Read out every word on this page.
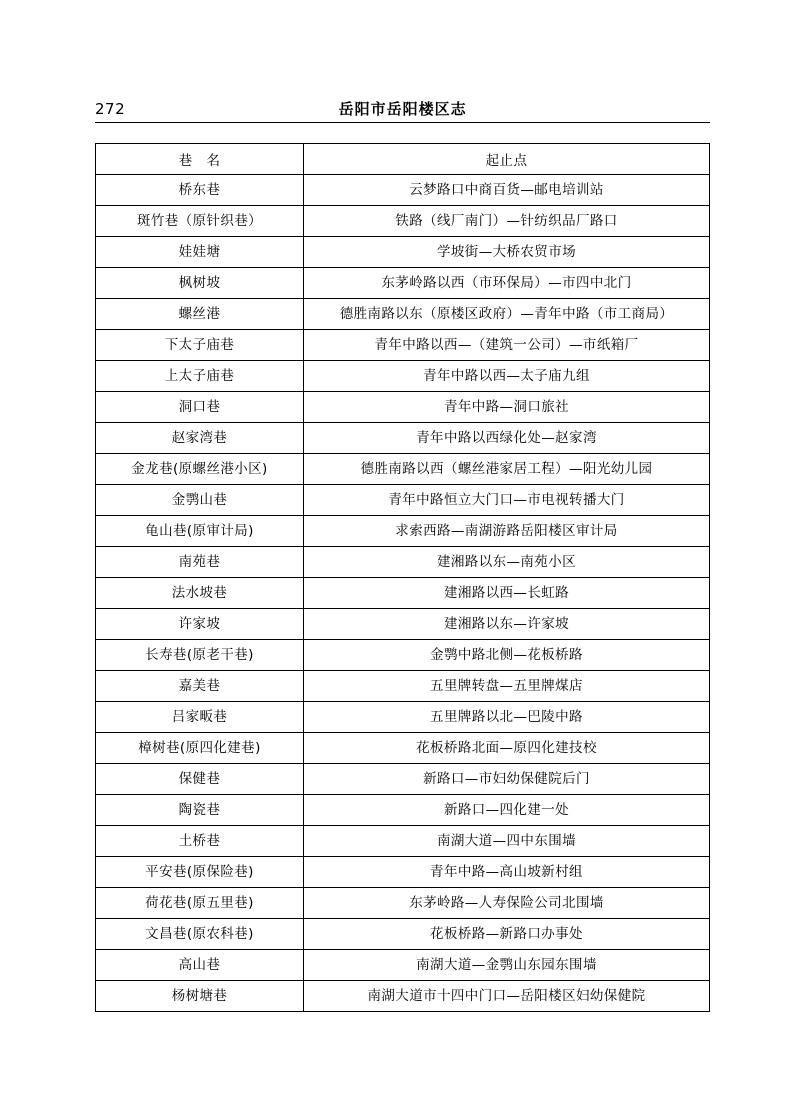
272	岳阳市岳阳楼区志
巷　名	起止点
桥东巷	云梦路口中商百货—邮电培训站
斑竹巷（原针织巷）	铁路（线厂南门）—针纺织品厂路口
娃娃塘	学坡街—大桥农贸市场
枫树坡	东茅岭路以西（市环保局）—市四中北门
螺丝港	德胜南路以东（原楼区政府）—青年中路（市工商局）
下太子庙巷	青年中路以西—（建筑一公司）—市纸箱厂
上太子庙巷	青年中路以西—太子庙九组
洞口巷	青年中路—洞口旅社
赵家湾巷	青年中路以西绿化处—赵家湾
金龙巷(原螺丝港小区)	德胜南路以西（螺丝港家居工程）—阳光幼儿园
金鹗山巷	青年中路恒立大门口—市电视转播大门
龟山巷(原审计局)	求索西路—南湖游路岳阳楼区审计局
南苑巷	建湘路以东—南苑小区
法水坡巷	建湘路以西—长虹路
许家坡	建湘路以东—许家坡
长寿巷(原老干巷)	金鹗中路北侧—花板桥路
嘉美巷	五里牌转盘—五里牌煤店
吕家畈巷	五里牌路以北—巴陵中路
樟树巷(原四化建巷)	花板桥路北面—原四化建技校
保健巷	新路口—市妇幼保健院后门
陶瓷巷	新路口—四化建一处
土桥巷	南湖大道—四中东围墙
平安巷(原保险巷)	青年中路—高山坡新村组
荷花巷(原五里巷)	东茅岭路—人寿保险公司北围墙
文昌巷(原农科巷)	花板桥路—新路口办事处
高山巷	南湖大道—金鹗山东园东围墙
杨树塘巷	南湖大道市十四中门口—岳阳楼区妇幼保健院
